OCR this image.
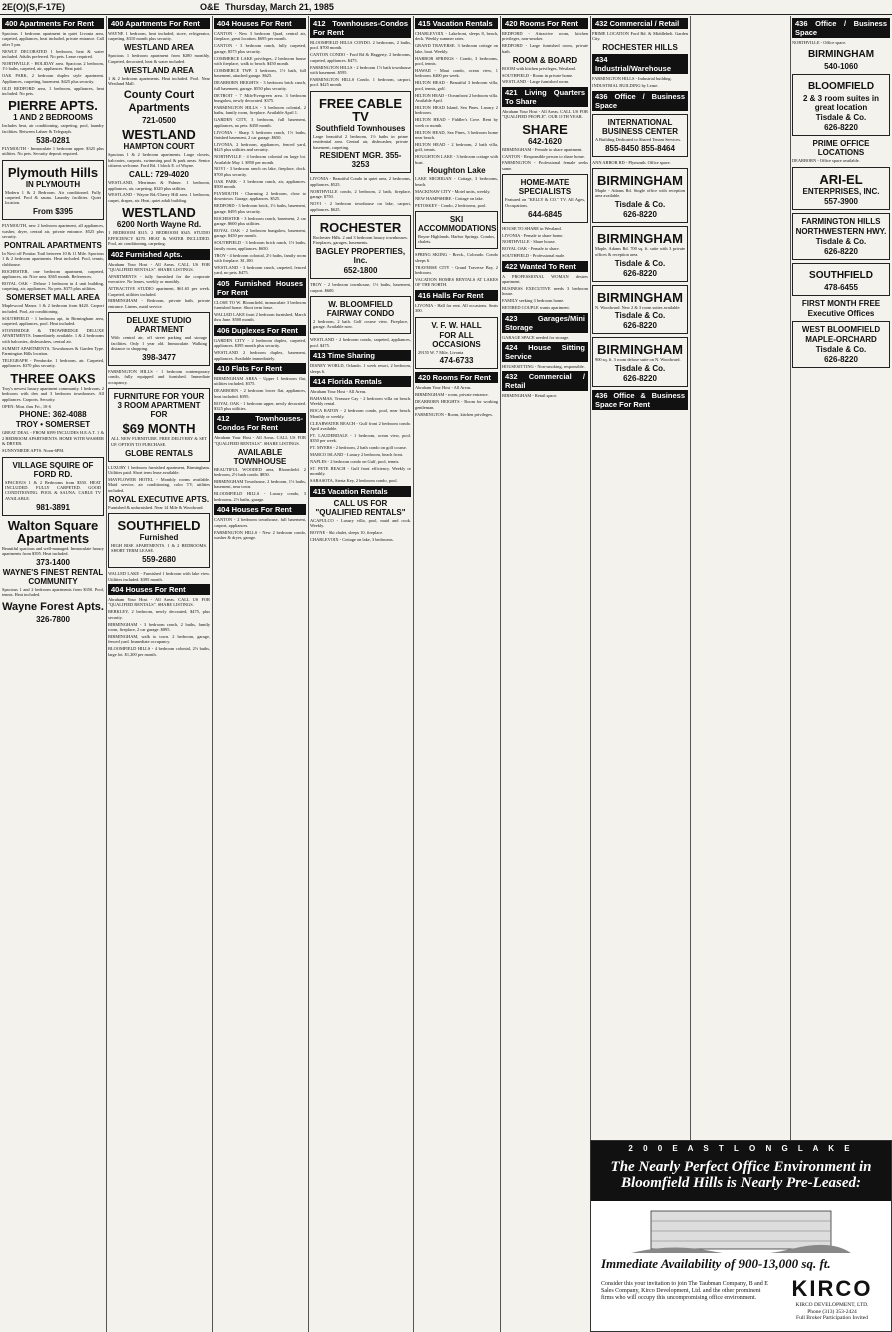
2E(O)(S,F-17E)	O&E Thursday, March 21, 1985
400 Apartments For Rent

Spacious 1 bedroom apartment in quiet Livonia area, carpeted, appliances, heat included, private entrance. Call after 5 pm.

NEWLY DECORATED 1 bedroom, heat & water included. Adults preferred. No pets. Lease required.

NORTHVILLE - HOLIDAY area. Spacious 2 bedroom, 1½ baths, carpeted, air, appliances. Heat paid.

OAK PARK, 2 bedroom duplex style apartment. Appliances, carpeting, basement. $425 plus security.

OLD REDFORD area, 1 bedroom, appliances, heat included. No pets.

PIERRE APTS.
1 AND 2 BEDROOMS

Includes heat, air conditioning, carpeting, pool, laundry facilities. Between Lahser & Telegraph.

538-0281

PLYMOUTH - Immaculate 1 bedroom upper. $325 plus utilities. No pets. Security deposit required.

Plymouth Hills
IN PLYMOUTH

Modern 1 & 2 Bedroom. Air conditioned. Fully carpeted. Pool & sauna. Laundry facilities. Quiet location.

From $395

PLYMOUTH, new 2 bedroom apartment, all appliances, washer, dryer, central air, private entrance. $525 plus security.

PONTRAIL APARTMENTS

In Novi off Pontiac Trail between 10 & 11 Mile. Spacious 1 & 2 bedroom apartments. Heat included. Pool, tennis, clubhouse.

ROCHESTER, one bedroom apartment, carpeted, appliances, air. Nice area. $365 month. References.

ROYAL OAK - Deluxe 1 bedroom in 4 unit building, carpeting, air, appliances. No pets. $375 plus utilities.

SOMERSET MALL AREA

Maplewood Manor. 1 & 2 bedroom from $420. Carport included. Pool, air conditioning.

SOUTHFIELD - 1 bedroom apt, in Birmingham area, carpeted, appliances, pool. Heat included.

STONERIDGE & TROWBRIDGE DELUXE APARTMENTS. Immediately available. 1 & 2 bedrooms with balconies, dishwashers, central air.

SUMMIT APARTMENTS, Townhouses & Garden Type. Farmington Hills location.

TELEGRAPH - Pembroke. 1 bedroom, air. Carpeted, appliances. $370 plus security.

THREE OAKS

Troy's newest luxury apartment community. 1 bedroom, 2 bedroom with den and 3 bedroom townhouses. All appliances. Carports. Security.

OPEN: Mon. thru Fri., 10-6

PHONE: 362-4088
TROY • SOMERSET

GREAT DEAL - FROM $399 INCLUDES H.E.A.T. 1 & 2 BEDROOM APARTMENTS. HOME WITH WASHER & DRYER.

SUNNYMEDE APTS. Noon-6PM.

VILLAGE SQUIRE OF FORD RD.

SPACIOUS 1 & 2 Bedrooms from $350. HEAT INCLUDED. FULLY CARPETED. GOOD CONDITIONING. POOL & SAUNA. CABLE TV AVAILABLE.

981-3891
Walton Square Apartments

Beautiful spacious and well-managed. Immaculate luxury apartments from $395. Heat included.

373-1400
WAYNE'S FINEST RENTAL COMMUNITY

Spacious 1 and 2 bedroom apartments from $350. Pool, tennis. Heat included.

Wayne Forest Apts.
326-7800
400 Apartments For Rent

WAYNE 1 bedroom, heat included, stove, refrigerator, carpeting. $310 month plus security.

WESTLAND AREA

Spacious 1 bedroom apartment from $280 monthly. Carpeted, decorated, heat & water included.

WESTLAND AREA

1 & 2 bedroom apartments. Heat included. Pool. Near Westland Mall.

County Court Apartments
721-0500
WESTLAND
HAMPTON COURT

Spacious 1 & 2 bedroom apartments. Large closets, balconies, carports, swimming pool & park areas. Senior citizens welcome. Ford Rd. 1 block E. of Wayne.

CALL: 729-4020

WESTLAND, Merriman & Palmer. 1 bedroom, appliances, air, carpeting. $320 plus utilities.

WESTLAND - Wayne Rd./Cherry Hill area. 1 bedroom, carpet, drapes, air. Heat, quiet adult building.

WESTLAND
6200 North Wayne Rd.

1 BEDROOM $315. 2 BEDROOM $345. STUDIO EFFICIENCY $270. HEAT & WATER INCLUDED. Pool, air conditioning, carpeting.

402 Furnished Apts.

Abraham Your Host - All Areas. CALL US FOR "QUALIFIED RENTALS". SHARE LISTINGS.

APARTMENTS - fully furnished for the corporate executive. No leases, weekly or monthly.

ATTRACTIVE STUDIO apartment, $61.65 per week. Carpeted, utilities included.

BIRMINGHAM - Bedroom, private bath, private entrance. Linens, maid service.

DELUXE STUDIO APARTMENT

With central air, off street parking and storage facilities. Only 1 year old. Immaculate. Walking distance to shopping.

398-3477

FARMINGTON HILLS - 1 bedroom contemporary condo, fully equipped and furnished. Immediate occupancy.

FURNITURE FOR YOUR 3 ROOM APARTMENT FOR
$69 MONTH

ALL NEW FURNITURE. FREE DELIVERY & SET UP. OPTION TO PURCHASE.

GLOBE RENTALS

LUXURY 1 bedroom furnished apartment, Birmingham. Utilities paid. Short term lease available.

MAYFLOWER HOTEL - Monthly rooms available. Maid service, air conditioning, color TV, utilities included.

ROYAL EXECUTIVE APTS.

Furnished & unfurnished. Near 14 Mile & Woodward.

SOUTHFIELD
Furnished

HIGH RISE APARTMENTS. 1 & 2 BEDROOMS. SHORT TERM LEASE.

559-2680

WALLED LAKE - Furnished 1 bedroom with lake view. Utilities included. $395 month.

404 Houses For Rent

Abraham Your Host - All Areas. CALL US FOR "QUALIFIED RENTALS". SHARE LISTINGS.

BERKLEY, 2 bedroom, newly decorated, $475, plus security.

BIRMINGHAM - 3 bedroom ranch, 2 baths, family room, fireplace, 2 car garage. $895.

BIRMINGHAM, walk to town. 2 bedroom, garage, fenced yard. Immediate occupancy.

BLOOMFIELD HILLS - 4 bedroom colonial, 2½ baths, large lot. $1,200 per month.

404 Houses For Rent

CANTON - New 3 bedroom Quad, central air, fireplace, great location. $695 per month.

CANTON - 3 bedroom ranch, fully carpeted, garage, $575 plus security.

COMMERCE LAKE privileges, 2 bedroom house with fireplace, walk to beach. $450 month.

COMMERCE TWP. 3 bedroom, 1½ bath, full basement, attached garage. $625.

DEARBORN HEIGHTS - 3 bedroom brick ranch, full basement, garage. $550 plus security.

DETROIT - 7 Mile/Evergreen area. 3 bedroom bungalow, newly decorated. $375.

FARMINGTON HILLS - 3 bedroom colonial, 2 baths, family room, fireplace. Available April 1.

GARDEN CITY, 3 bedroom, full basement, appliances, no pets. $450 month.

LIVONIA - Sharp 3 bedroom ranch, 1½ baths, finished basement, 2 car garage. $650.

LIVONIA, 2 bedroom, appliances, fenced yard, $425 plus utilities and security.

NORTHVILLE - 4 bedroom colonial on large lot. Available May 1. $950 per month.

NOVI - 3 bedroom ranch on lake, fireplace, dock. $700 plus security.

OAK PARK - 3 bedroom ranch, air, appliances. $500 month.

PLYMOUTH - Charming 2 bedroom, close to downtown. Garage, appliances. $525.

REDFORD - 3 bedroom brick, 1½ baths, basement, garage. $495 plus security.

ROCHESTER - 3 bedroom ranch, basement, 2 car garage. $600 plus utilities.

ROYAL OAK - 2 bedroom bungalow, basement, garage. $450 per month.

SOUTHFIELD - 3 bedroom brick ranch, 1½ baths, family room, appliances. $650.

TROY - 4 bedroom colonial, 2½ baths, family room with fireplace. $1,100.

WESTLAND - 3 bedroom ranch, carpeted, fenced yard, no pets. $475.

405 Furnished Houses For Rent

CLOSE TO W. Bloomfield, immaculate 3 bedroom furnished home. Short term lease.

WALLED LAKE front 2 bedroom furnished, March thru June. $500 month.

406 Duplexes For Rent

GARDEN CITY - 2 bedroom duplex, carpeted, appliances. $395 month plus security.

WESTLAND 2 bedroom duplex, basement, appliances. Available immediately.

410 Flats For Rent

BIRMINGHAM AREA - Upper 1 bedroom flat, utilities included. $375.

DEARBORN - 2 bedroom lower flat, appliances, heat included. $395.

ROYAL OAK - 1 bedroom upper, newly decorated. $325 plus utilities.

412 Townhouses-Condos For Rent

Abraham Your Host - All Areas. CALL US FOR "QUALIFIED RENTALS". SHARE LISTINGS.

AVAILABLE TOWNHOUSE

BEAUTIFUL WOODED area, Bloomfield. 2 bedroom, 2½ bath condo. $850.

BIRMINGHAM Townhouse, 2 bedroom, 1½ baths, basement, near town.

BLOOMFIELD HILLS - Luxury condo, 3 bedrooms, 2½ baths, garage.

404 Houses For Rent

CANTON - 2 bedroom townhouse, full basement, carport, appliances.

FARMINGTON HILLS - New 2 bedroom condo, washer & dryer, garage.

412 Townhouses-Condos For Rent

BLOOMFIELD HILLS CONDO. 2 bedrooms, 2 baths, pool. $700 month.

CANTON CONDO - Ford Rd & Haggerty. 2 bedrooms, carpeted, appliances. $475.

FARMINGTON HILLS - 2 bedroom 1½ bath townhouse with basement. $595.

FARMINGTON HILLS Condo. 1 bedroom, carport, pool. $425 month.

FREE CABLE TV
Southfield Townhouses

Large beautiful 2 bedroom, 1½ baths in prime residential area. Central air, dishwasher, private basement, carpeting.

RESIDENT MGR. 355-3253

LIVONIA - Beautiful Condo in quiet area, 2 bedrooms, appliances. $525.

NORTHVILLE condo, 2 bedroom, 2 bath, fireplace, garage. $750.

NOVI - 2 bedroom townhouse on lake, carport, appliances. $625.

ROCHESTER

Rochester Hills. 2 and 3 bedroom luxury townhouses. Fireplaces, garages, basements.

BAGLEY PROPERTIES, Inc.
652-1800

TROY - 2 bedroom townhouse, 1½ baths, basement, carport. $600.

W. BLOOMFIELD FAIRWAY CONDO

2 bedroom, 2 bath. Golf course view. Fireplace, garage. Available now.

WESTLAND - 2 bedroom condo, carpeted, appliances, pool. $475.

413 Time Sharing

DISNEY WORLD, Orlando. 1 week resort, 2 bedroom, sleeps 6.

414 Florida Rentals

Abraham Your Host - All Areas.

BAHAMAS, Treasure Cay - 2 bedroom villa on beach. Weekly rental.

BOCA RATON - 2 bedroom condo, pool, near beach. Monthly or weekly.

CLEARWATER BEACH - Gulf front 2 bedroom condo. April available.

FT. LAUDERDALE - 1 bedroom, ocean view, pool. $350 per week.

FT. MYERS - 2 bedroom, 2 bath condo on golf course.

MARCO ISLAND - Luxury 2 bedroom, beach front.

NAPLES - 2 bedroom condo on Gulf, pool, tennis.

ST. PETE BEACH - Gulf front efficiency. Weekly or monthly.

SARASOTA, Siesta Key, 2 bedroom condo, pool.

415 Vacation Rentals
CALL US FOR "QUALIFIED RENTALS"

ACAPULCO - Luxury villa, pool, maid and cook. Weekly.

BOYNE - Ski chalet, sleeps 10, fireplace.

CHARLEVOIX - Cottage on lake, 3 bedrooms.

415 Vacation Rentals

CHARLEVOIX - Lakefront, sleeps 8, beach, deck. Weekly summer rates.

GRAND TRAVERSE. 3 bedroom cottage on lake, boat. Weekly.

HARBOR SPRINGS - Condo, 3 bedrooms, pool, tennis.

HAWAII - Maui condo, ocean view, 1 bedroom. $400 per week.

HILTON HEAD - Beautiful 3 bedroom villa, pool, tennis, golf.

HILTON HEAD - Oceanfront 2 bedroom villa. Available April.

HILTON HEAD Island, Sea Pines. Luxury 2 bedroom.

HILTON HEAD - Fiddler's Cove. Rent by week or month.

HILTON HEAD, Sea Pines, 3 bedroom home near beach.

HILTON HEAD - 2 bedroom, 2 bath villa, golf, tennis.

HOUGHTON LAKE - 3 bedroom cottage with boat.

Houghton Lake

LAKE MICHIGAN - Cottage, 3 bedrooms, beach.

MACKINAW CITY - Motel units, weekly.

NEW HAMPSHIRE - Cottage on lake.

PETOSKEY - Condo, 2 bedrooms, pool.

SKI ACCOMMODATIONS

Boyne Highlands. Harbor Springs. Condos, chalets.

SPRING SKIING - Breck., Colorado. Condo sleeps 6.

TRAVERSE CITY - Grand Traverse Bay, 2 bedroom.

VACATION HOMES RENTALS AT LAKES OF THE NORTH.

416 Halls For Rent

LIVONIA - Hall for rent. All occasions. Seats 300.

V. F. W. HALL
FOR ALL OCCASIONS

29155 W. 7 Mile, Livonia

474-6733
420 Rooms For Rent

Abraham Your Host - All Areas.

BIRMINGHAM - room, private entrance.

DEARBORN HEIGHTS - Room for working gentleman.

FARMINGTON - Room, kitchen privileges.

420 Rooms For Rent

REDFORD - Attractive room, kitchen privileges, non-smoker.

REDFORD - Large furnished room, private bath.

ROOM & BOARD

ROOM with kitchen privileges, Westland.

SOUTHFIELD - Room in private home.

WESTLAND - Large furnished room.

421 Living Quarters To Share

Abraham Your Host - All Areas. CALL US FOR "QUALIFIED PEOPLE". OUR 11TH YEAR.

SHARE
642-1620

BIRMINGHAM - Female to share apartment.

CANTON - Responsible person to share home.

FARMINGTON - Professional female seeks same.

HOME-MATE SPECIALISTS

Featured on "KELLY & CO." TV. All Ages, Occupations.

644-6845

HOUSE TO SHARE in Westland.

LIVONIA - Female to share home.

NORTHVILLE - Share house.

ROYAL OAK - Female to share.

SOUTHFIELD - Professional male.

422 Wanted To Rent

A PROFESSIONAL WOMAN desires apartment.

BUSINESS EXECUTIVE needs 3 bedroom house.

FAMILY seeking 3 bedroom home.

RETIRED COUPLE wants apartment.

423 Garages/Mini Storage

GARAGE SPACE needed for storage.

424 House Sitting Service

HOUSESITTING - Non-smoking, responsible.

432 Commercial / Retail

BIRMINGHAM - Retail space.

432 Commercial / Retail

PRIME LOCATION Ford Rd. & Middlebelt. Garden City.

ROCHESTER HILLS
434 Industrial/Warehouse

FARMINGTON HILLS - Industrial building.

INDUSTRIAL BUILDING by Lease.

436 Office / Business Space
INTERNATIONAL BUSINESS CENTER

A Building Dedicated to Shared Tenant Services.

855-8450 855-8464

ANN ARBOR RD - Plymouth. Office space.

BIRMINGHAM

Maple - Adams Rd. Single office with reception area available.

Tisdale & Co.
626-8220
BIRMINGHAM

Maple, Adams Rd. 700 sq. ft. suite with 3 private offices & reception area.

Tisdale & Co.
626-8220
BIRMINGHAM

N. Woodward. New 2 & 3 room suites available.

Tisdale & Co.
626-8220
BIRMINGHAM

900 sq. ft. 3 room deluxe suite on N. Woodward.

Tisdale & Co.
626-8220
436 Office & Business Space For Rent
436 Office / Business Space

NORTHVILLE - Office space.

BIRMINGHAM
540-1060
BLOOMFIELD
2 & 3 room suites in great location
Tisdale & Co.
626-8220
PRIME OFFICE LOCATIONS

DEARBORN - Office space available.

ARI-EL
ENTERPRISES, INC.
557-3900
FARMINGTON HILLS
NORTHWESTERN HWY.
Tisdale & Co.
626-8220
SOUTHFIELD
478-6455
FIRST MONTH FREE
Executive Offices
WEST BLOOMFIELD
MAPLE-ORCHARD
Tisdale & Co.
626-8220
2 0 0 E A S T L O N G L A K E
The Nearly Perfect Office Environment in Bloomfield Hills is Nearly Pre-Leased:
Immediate Availability of 900-13,000 sq. ft.
Consider this your invitation to join The Taubman Company, B and E Sales Company, Kirco Development, Ltd. and the other prominent firms who will occupy this uncompromising office environment.	KIRCO
KIRCO DEVELOPMENT, LTD.
Phone (313) 353-2424
Full Broker Participation Invited
